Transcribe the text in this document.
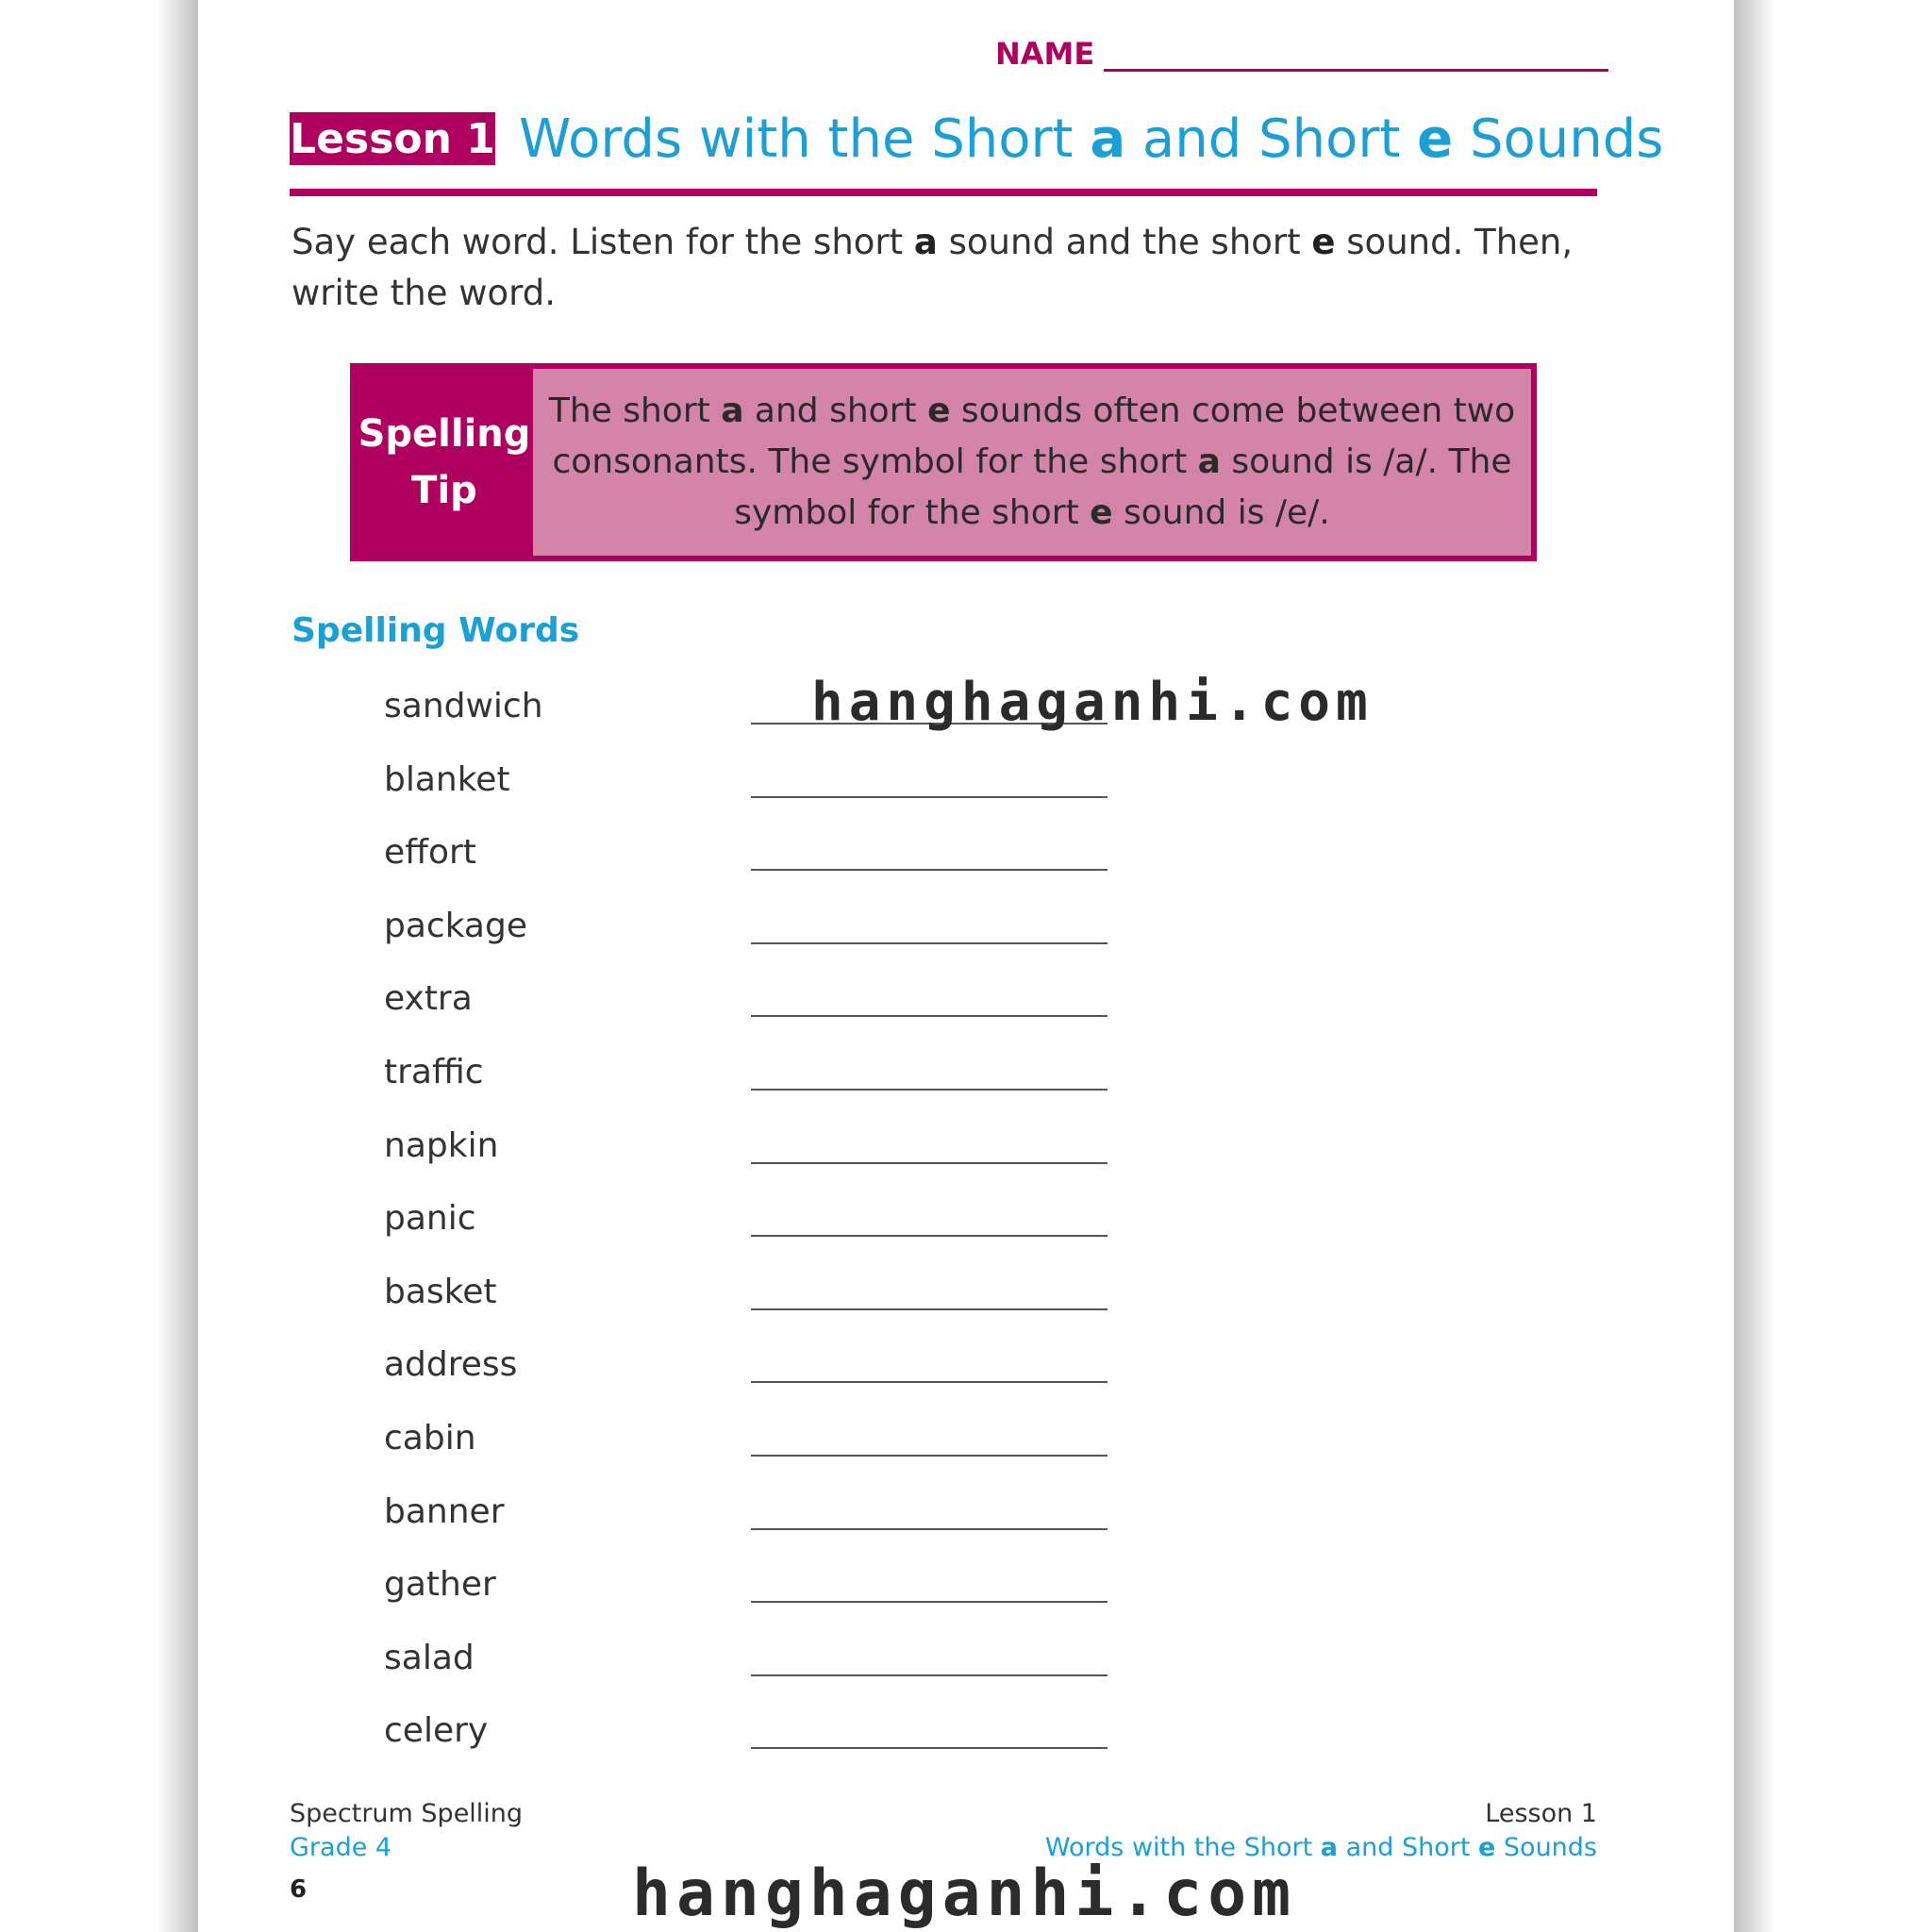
NAME
Lesson 1 Words with the Short a and Short e Sounds
Say each word. Listen for the short a sound and the short e sound. Then, write the word.
Spelling
Tip
The short a and short e sounds often come between two consonants. The symbol for the short a sound is /a/. The symbol for the short e sound is /e/.
Spelling Words
sandwich
blanket
effort
package
extra
traffic
napkin
panic
basket
address
cabin
banner
gather
salad
celery
hanghaganhi.com
Spectrum Spelling
Grade 4
6
Lesson 1
Words with the Short a and Short e Sounds
hanghaganhi.com
